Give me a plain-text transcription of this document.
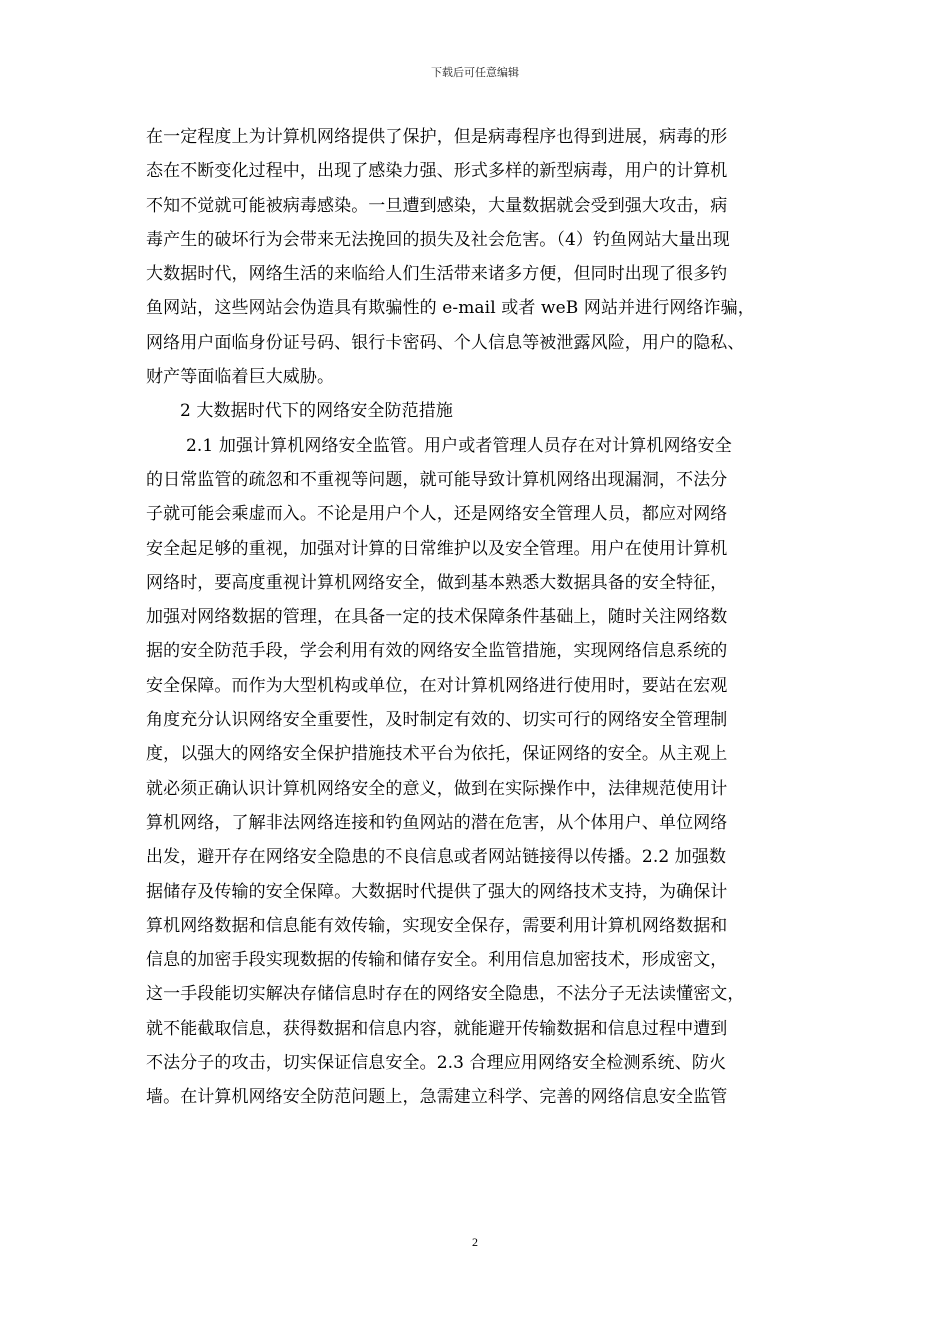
下载后可任意编辑
在一定程度上为计算机网络提供了保护，但是病毒程序也得到进展，病毒的形
态在不断变化过程中，出现了感染力强、形式多样的新型病毒，用户的计算机
不知不觉就可能被病毒感染。一旦遭到感染，大量数据就会受到强大攻击，病
毒产生的破坏行为会带来无法挽回的损失及社会危害。（4）钓鱼网站大量出现
大数据时代，网络生活的来临给人们生活带来诸多方便，但同时出现了很多钓
鱼网站，这些网站会伪造具有欺骗性的 e-mail 或者 weB 网站并进行网络诈骗，
网络用户面临身份证号码、银行卡密码、个人信息等被泄露风险，用户的隐私、
财产等面临着巨大威胁。
2 大数据时代下的网络安全防范措施
2.1 加强计算机网络安全监管。用户或者管理人员存在对计算机网络安全
的日常监管的疏忽和不重视等问题，就可能导致计算机网络出现漏洞，不法分
子就可能会乘虚而入。不论是用户个人，还是网络安全管理人员，都应对网络
安全起足够的重视，加强对计算的日常维护以及安全管理。用户在使用计算机
网络时，要高度重视计算机网络安全，做到基本熟悉大数据具备的安全特征，
加强对网络数据的管理，在具备一定的技术保障条件基础上，随时关注网络数
据的安全防范手段，学会利用有效的网络安全监管措施，实现网络信息系统的
安全保障。而作为大型机构或单位，在对计算机网络进行使用时，要站在宏观
角度充分认识网络安全重要性，及时制定有效的、切实可行的网络安全管理制
度，以强大的网络安全保护措施技术平台为依托，保证网络的安全。从主观上
就必须正确认识计算机网络安全的意义，做到在实际操作中，法律规范使用计
算机网络，了解非法网络连接和钓鱼网站的潜在危害，从个体用户、单位网络
出发，避开存在网络安全隐患的不良信息或者网站链接得以传播。2.2 加强数
据储存及传输的安全保障。大数据时代提供了强大的网络技术支持，为确保计
算机网络数据和信息能有效传输，实现安全保存，需要利用计算机网络数据和
信息的加密手段实现数据的传输和储存安全。利用信息加密技术，形成密文，
这一手段能切实解决存储信息时存在的网络安全隐患，不法分子无法读懂密文，
就不能截取信息，获得数据和信息内容，就能避开传输数据和信息过程中遭到
不法分子的攻击，切实保证信息安全。2.3 合理应用网络安全检测系统、防火
墙。在计算机网络安全防范问题上，急需建立科学、完善的网络信息安全监管
2
